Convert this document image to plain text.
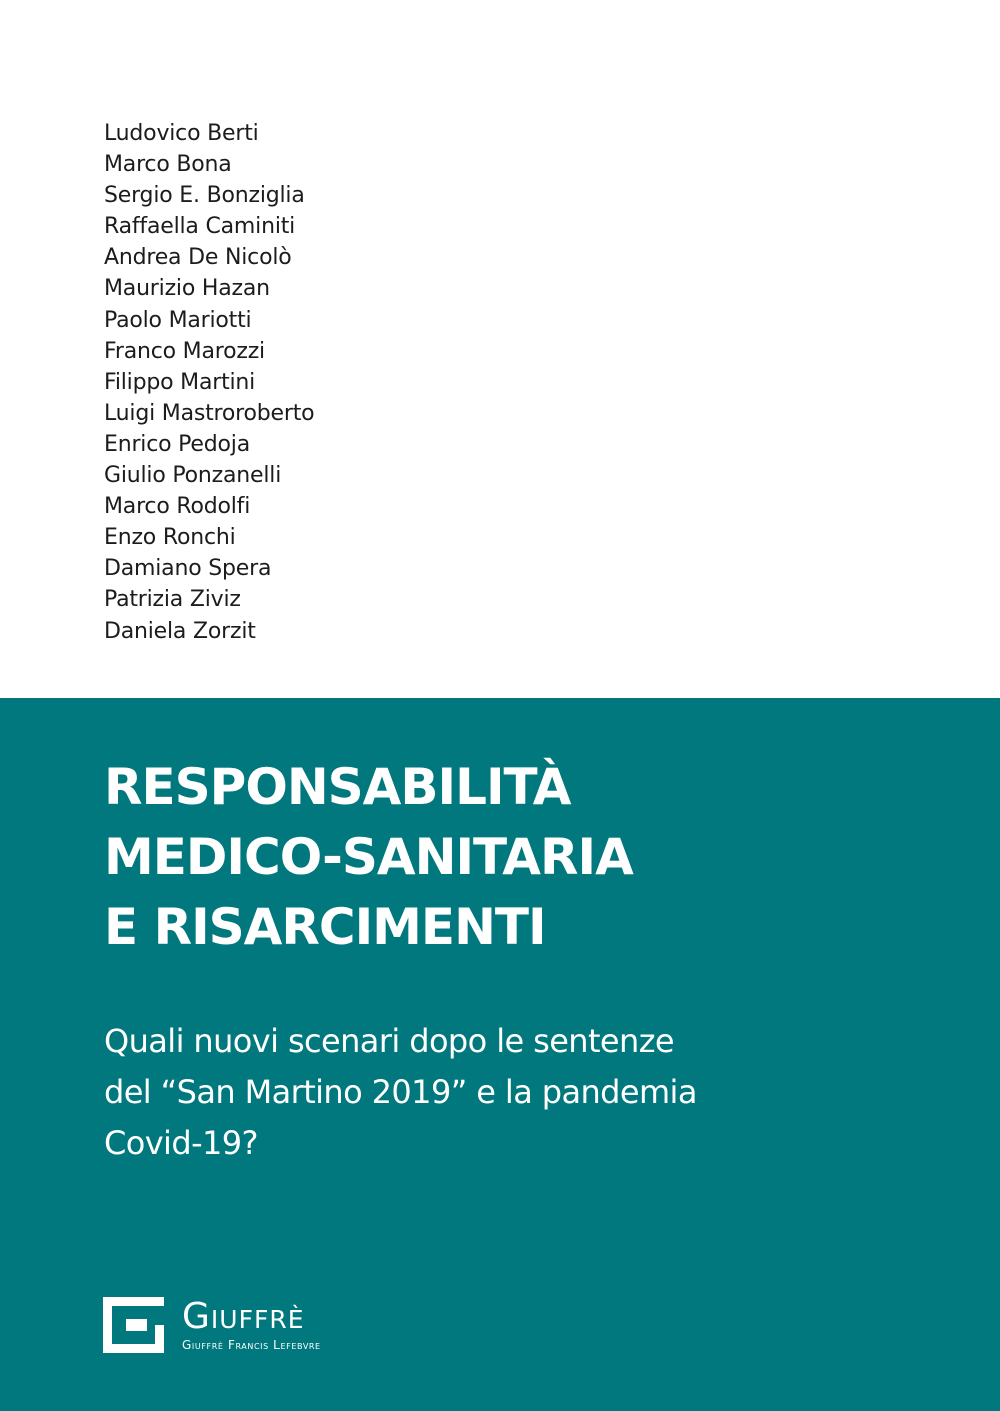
Ludovico Berti
Marco Bona
Sergio E. Bonziglia
Raffaella Caminiti
Andrea De Nicolò
Maurizio Hazan
Paolo Mariotti
Franco Marozzi
Filippo Martini
Luigi Mastroroberto
Enrico Pedoja
Giulio Ponzanelli
Marco Rodolfi
Enzo Ronchi
Damiano Spera
Patrizia Ziviz
Daniela Zorzit
RESPONSABILITÀ
MEDICO-SANITARIA
E RISARCIMENTI

Quali nuovi scenari dopo le sentenze
del “San Martino 2019” e la pandemia
Covid-19?

Giuffrè
Giuffrè Francis Lefebvre
